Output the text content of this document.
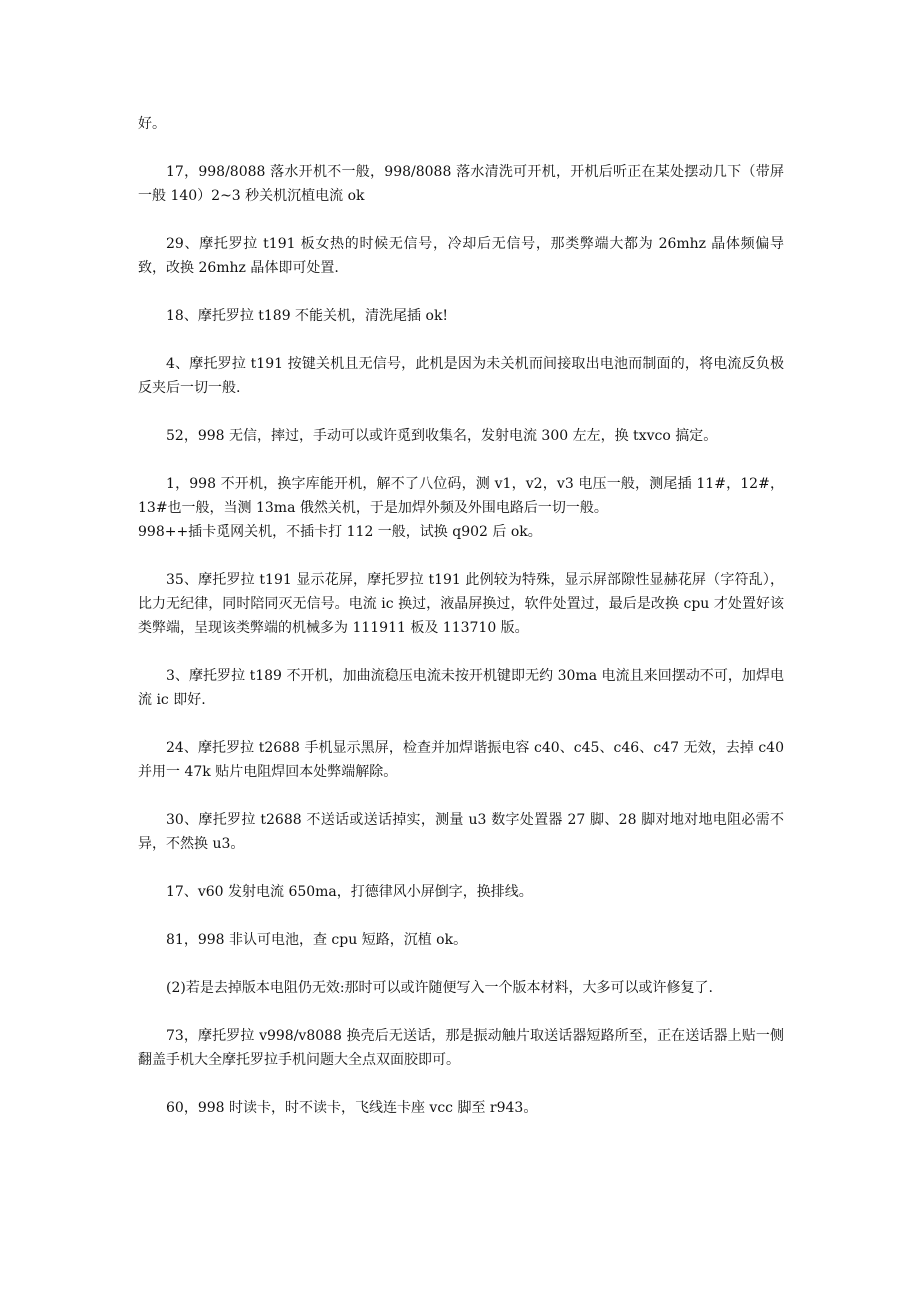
好。

17，998/8088 落水开机不一般，998/8088 落水清洗可开机，开机后听正在某处摆动几下（带屏一般 140）2~3 秒关机沉植电流 ok

29、摩托罗拉 t191 板女热的时候无信号，冷却后无信号，那类弊端大都为 26mhz 晶体频偏导致，改换 26mhz 晶体即可处置.

18、摩托罗拉 t189 不能关机，清洗尾插 ok!

4、摩托罗拉 t191 按键关机且无信号，此机是因为未关机而间接取出电池而制面的，将电流反负极反夹后一切一般.

52，998 无信，摔过，手动可以或许觅到收集名，发射电流 300 左左，换 txvco 搞定。

1，998 不开机，换字库能开机，解不了八位码，测 v1，v2，v3 电压一般，测尾插 11#，12#，13#也一般，当测 13ma 俄然关机，于是加焊外频及外围电路后一切一般。
998++插卡觅网关机，不插卡打 112 一般，试换 q902 后 ok。

35、摩托罗拉 t191 显示花屏，摩托罗拉 t191 此例较为特殊，显示屏部隙性显赫花屏（字符乱），比力无纪律，同时陪同灭无信号。电流 ic 换过，液晶屏换过，软件处置过，最后是改换 cpu 才处置好该类弊端，呈现该类弊端的机械多为 111911 板及 113710 版。

3、摩托罗拉 t189 不开机，加曲流稳压电流未按开机键即无约 30ma 电流且来回摆动不可，加焊电流 ic 即好.

24、摩托罗拉 t2688 手机显示黑屏，检查并加焊谐振电容 c40、c45、c46、c47 无效，去掉 c40 并用一 47k 贴片电阻焊回本处弊端解除。

30、摩托罗拉 t2688 不送话或送话掉实，测量 u3 数字处置器 27 脚、28 脚对地对地电阻必需不异，不然换 u3。

17、v60 发射电流 650ma，打德律风小屏倒字，换排线。

81，998 非认可电池，查 cpu 短路，沉植 ok。

(2)若是去掉版本电阻仍无效:那时可以或许随便写入一个版本材料，大多可以或许修复了.

73，摩托罗拉 v998/v8088 换壳后无送话，那是振动触片取送话器短路所至，正在送话器上贴一侧翻盖手机大全摩托罗拉手机问题大全点双面胶即可。

60，998 时读卡，时不读卡，飞线连卡座 vcc 脚至 r943。
